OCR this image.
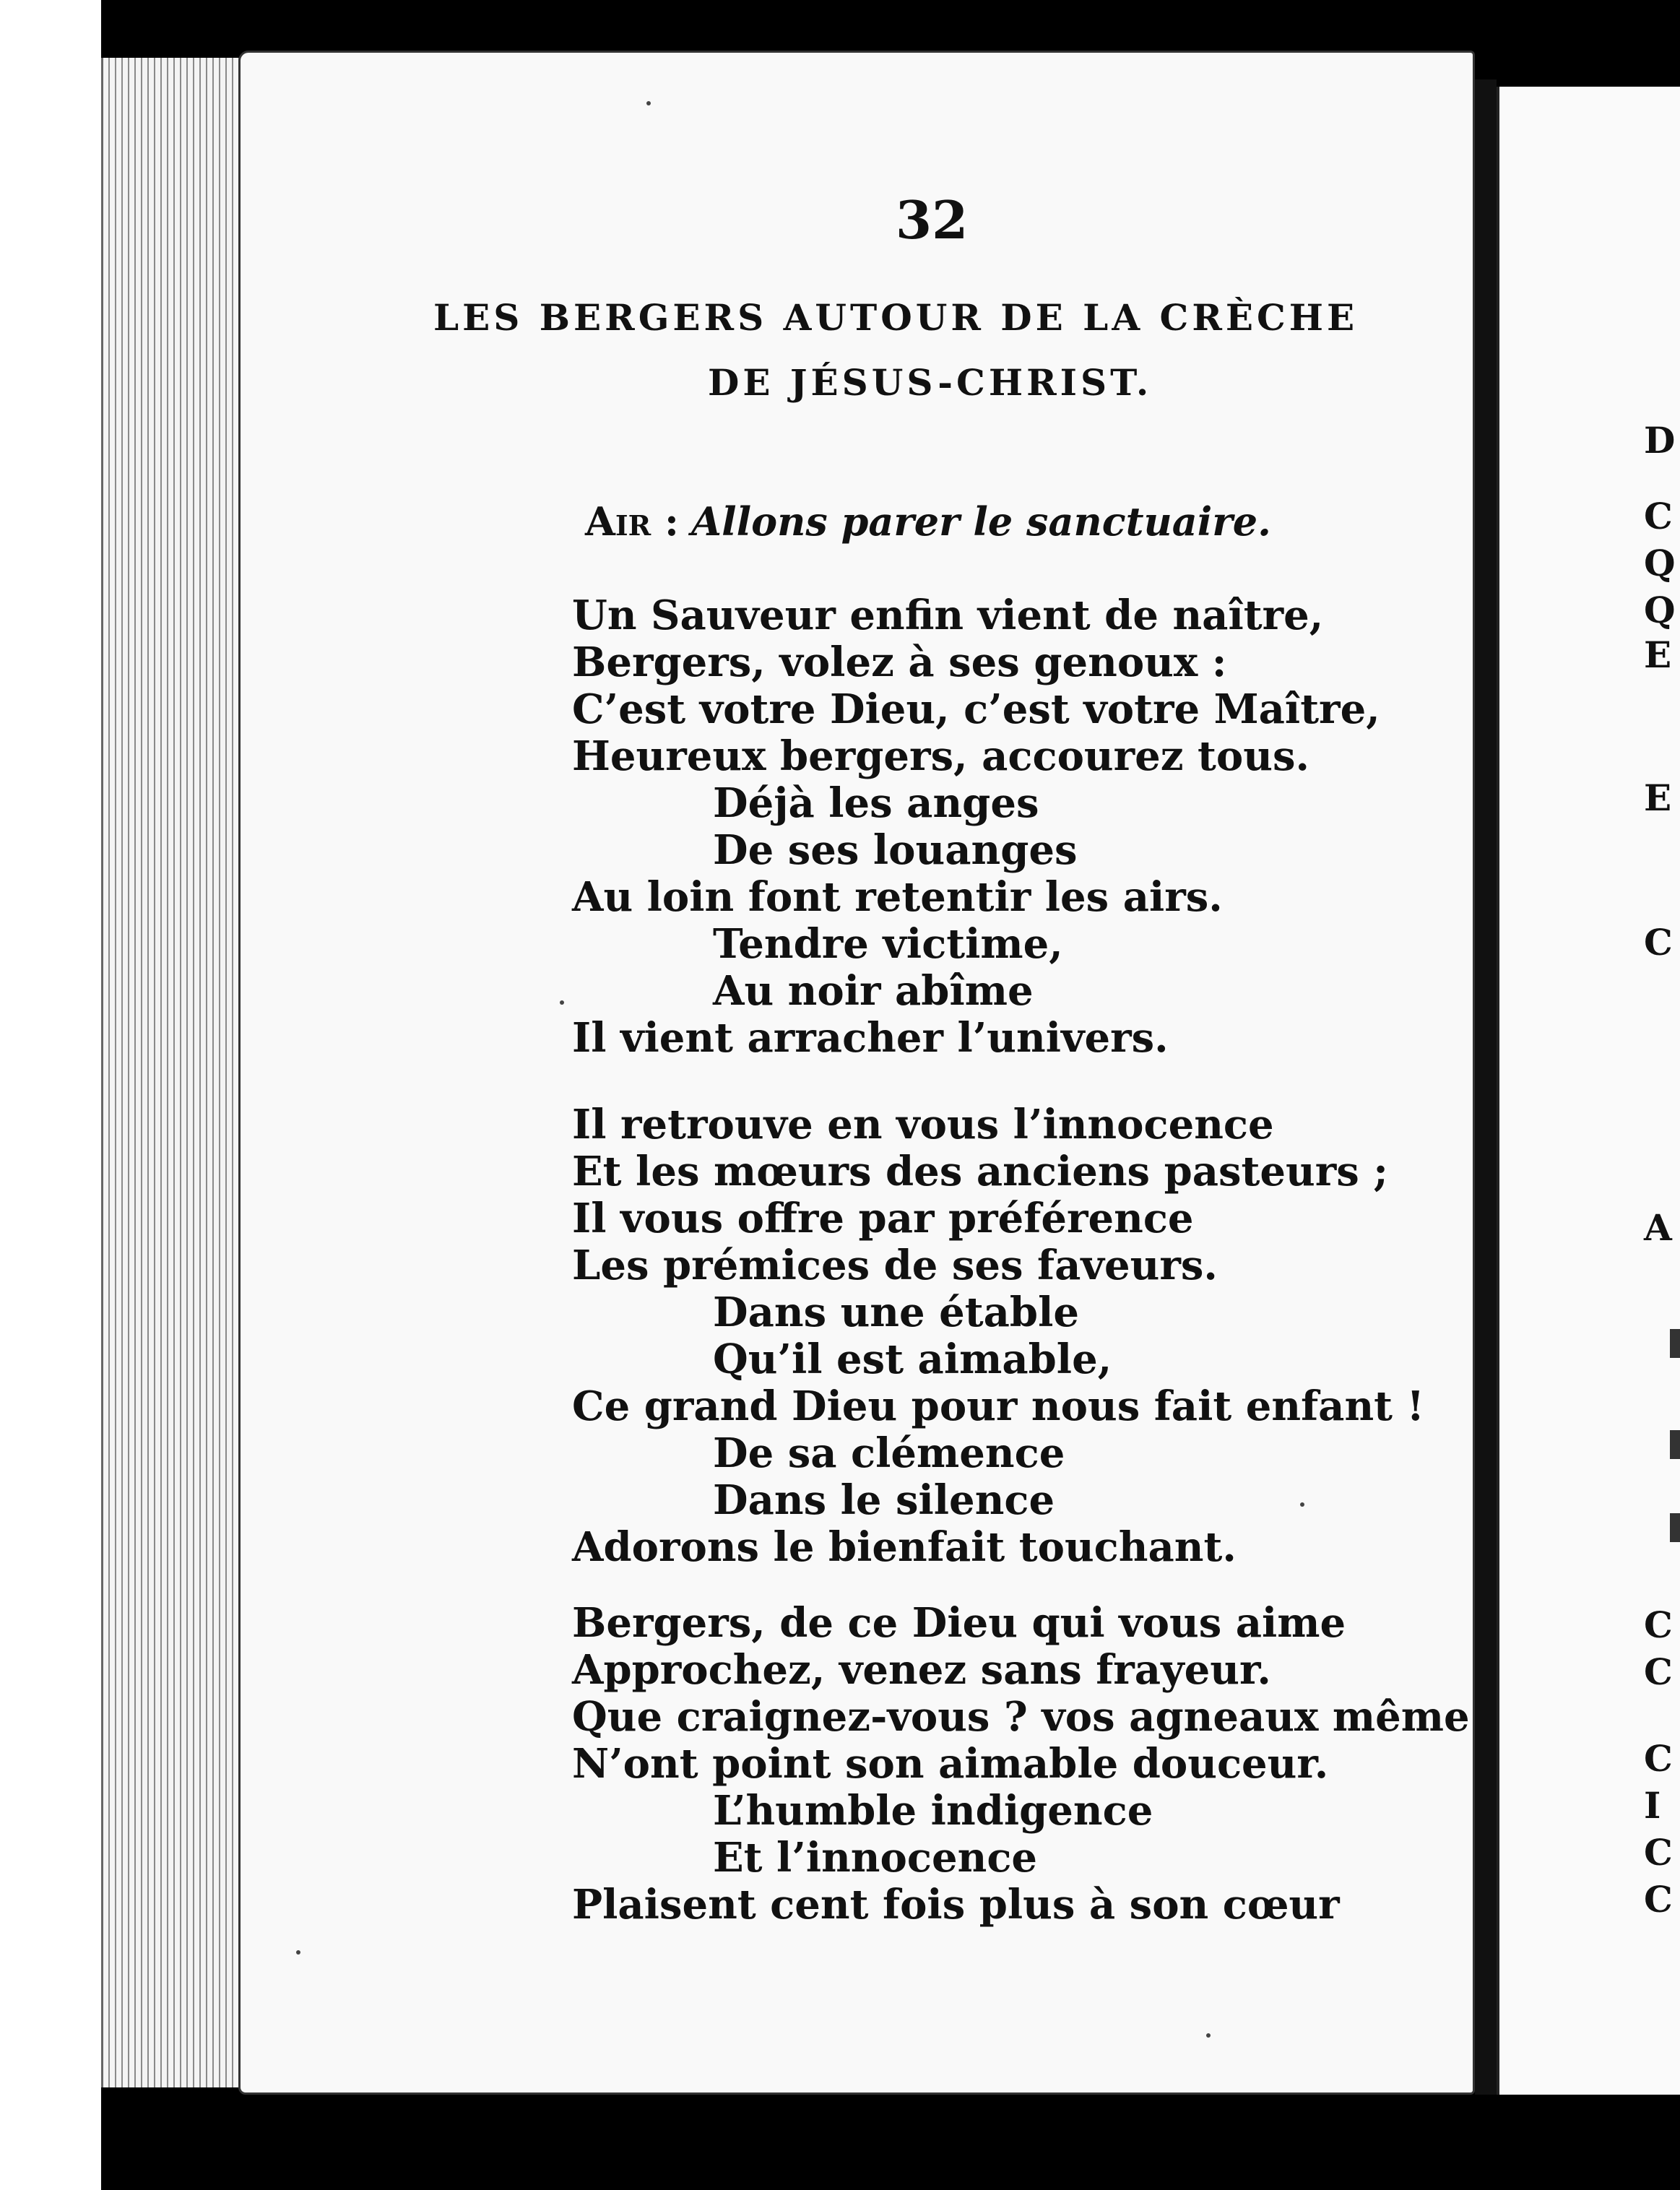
32
LES BERGERS AUTOUR DE LA CRÈCHE
DE JÉSUS-CHRIST.
Air : Allons parer le sanctuaire.
Un Sauveur enfin vient de naître,
Bergers, volez à ses genoux :
C’est votre Dieu, c’est votre Maître,
Heureux bergers, accourez tous.
Déjà les anges
De ses louanges
Au loin font retentir les airs.
Tendre victime,
Au noir abîme
Il vient arracher l’univers.
Il retrouve en vous l’innocence
Et les mœurs des anciens pasteurs ;
Il vous offre par préférence
Les prémices de ses faveurs.
Dans une étable
Qu’il est aimable,
Ce grand Dieu pour nous fait enfant !
De sa clémence
Dans le silence
Adorons le bienfait touchant.
Bergers, de ce Dieu qui vous aime
Approchez, venez sans frayeur.
Que craignez-vous ? vos agneaux même
N’ont point son aimable douceur.
L’humble indigence
Et l’innocence
Plaisent cent fois plus à son cœur
D
C
Q
Q
E
E
C
A
C
C
C
I
C
C
